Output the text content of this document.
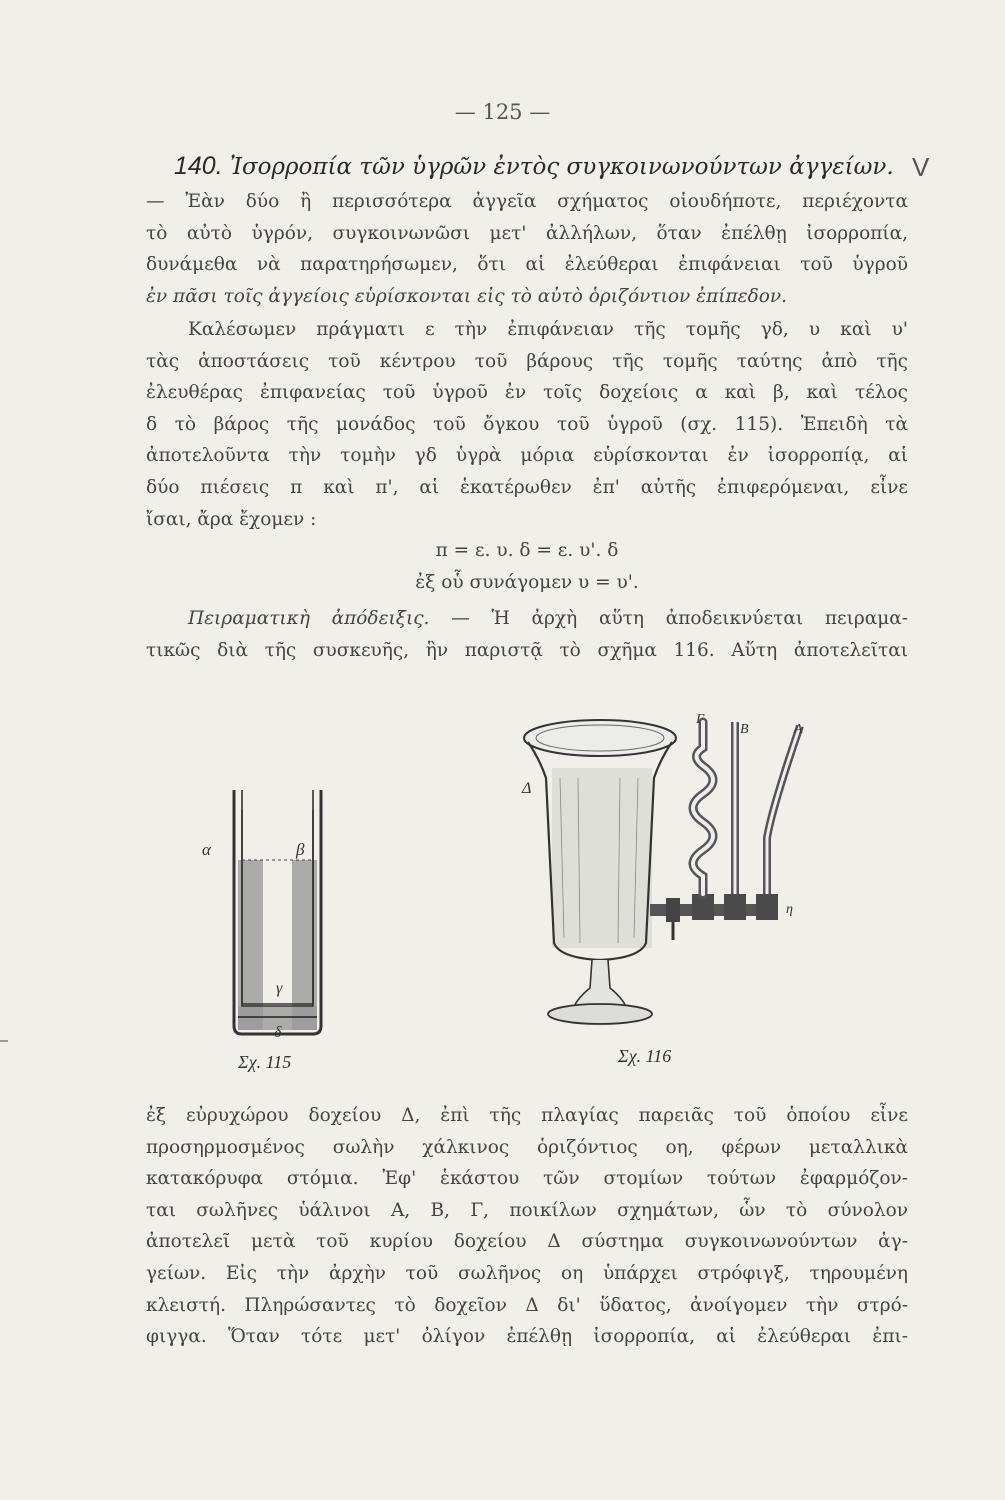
— 125 —
140. Ἰσορροπία τῶν ὑγρῶν ἐντὸς συγκοινωνούντων ἀγγείων. V
— Ἐὰν δύο ἢ περισσότερα ἀγγεῖα σχήματος οἱουδήποτε, περιέχοντα
τὸ αὐτὸ ὑγρόν, συγκοινωνῶσι μετ' ἀλλήλων, ὅταν ἐπέλθῃ ἰσορροπία,
δυνάμεθα νὰ παρατηρήσωμεν, ὅτι αἱ ἐλεύθεραι ἐπιφάνειαι τοῦ ὑγροῦ
ἐν πᾶσι τοῖς ἀγγείοις εὑρίσκονται εἰς τὸ αὐτὸ ὁριζόντιον ἐπίπεδον.
Καλέσωμεν πράγματι ε τὴν ἐπιφάνειαν τῆς τομῆς γδ, υ καὶ υ'
τὰς ἀποστάσεις τοῦ κέντρου τοῦ βάρους τῆς τομῆς ταύτης ἀπὸ τῆς
ἐλευθέρας ἐπιφανείας τοῦ ὑγροῦ ἐν τοῖς δοχείοις α καὶ β, καὶ τέλος
δ τὸ βάρος τῆς μονάδος τοῦ ὄγκου τοῦ ὑγροῦ (σχ. 115). Ἐπειδὴ τὰ
ἀποτελοῦντα τὴν τομὴν γδ ὑγρὰ μόρια εὑρίσκονται ἐν ἰσορροπίᾳ, αἱ
δύο πιέσεις π καὶ π', αἱ ἑκατέρωθεν ἐπ' αὐτῆς ἐπιφερόμεναι, εἶνε
ἴσαι, ἄρα ἔχομεν :
π = ε. υ. δ = ε. υ'. δ
ἐξ οὗ συνάγομεν υ = υ'.
Πειραματικὴ ἀπόδειξις. — Ἡ ἀρχὴ αὕτη ἀποδεικνύεται πειραμα-
τικῶς διὰ τῆς συσκευῆς, ἣν παριστᾷ τὸ σχῆμα 116. Αὕτη ἀποτελεῖται
α	β
γ
δ
Σχ. 115
Δ
Γ
Β	Α
η
Σχ. 116
ἐξ εὐρυχώρου δοχείου Δ, ἐπὶ τῆς πλαγίας παρειᾶς τοῦ ὁποίου εἶνε
προσηρμοσμένος σωλὴν χάλκινος ὁριζόντιος οη, φέρων μεταλλικὰ
κατακόρυφα στόμια. Ἐφ' ἑκάστου τῶν στομίων τούτων ἐφαρμόζον-
ται σωλῆνες ὑάλινοι Α, Β, Γ, ποικίλων σχημάτων, ὧν τὸ σύνολον
ἀποτελεῖ μετὰ τοῦ κυρίου δοχείου Δ σύστημα συγκοινωνούντων ἀγ-
γείων. Εἰς τὴν ἀρχὴν τοῦ σωλῆνος οη ὑπάρχει στρόφιγξ, τηρουμένη
κλειστή. Πληρώσαντες τὸ δοχεῖον Δ δι' ὕδατος, ἀνοίγομεν τὴν στρό-
φιγγα. Ὅταν τότε μετ' ὀλίγον ἐπέλθῃ ἰσορροπία, αἱ ἐλεύθεραι ἐπι-
